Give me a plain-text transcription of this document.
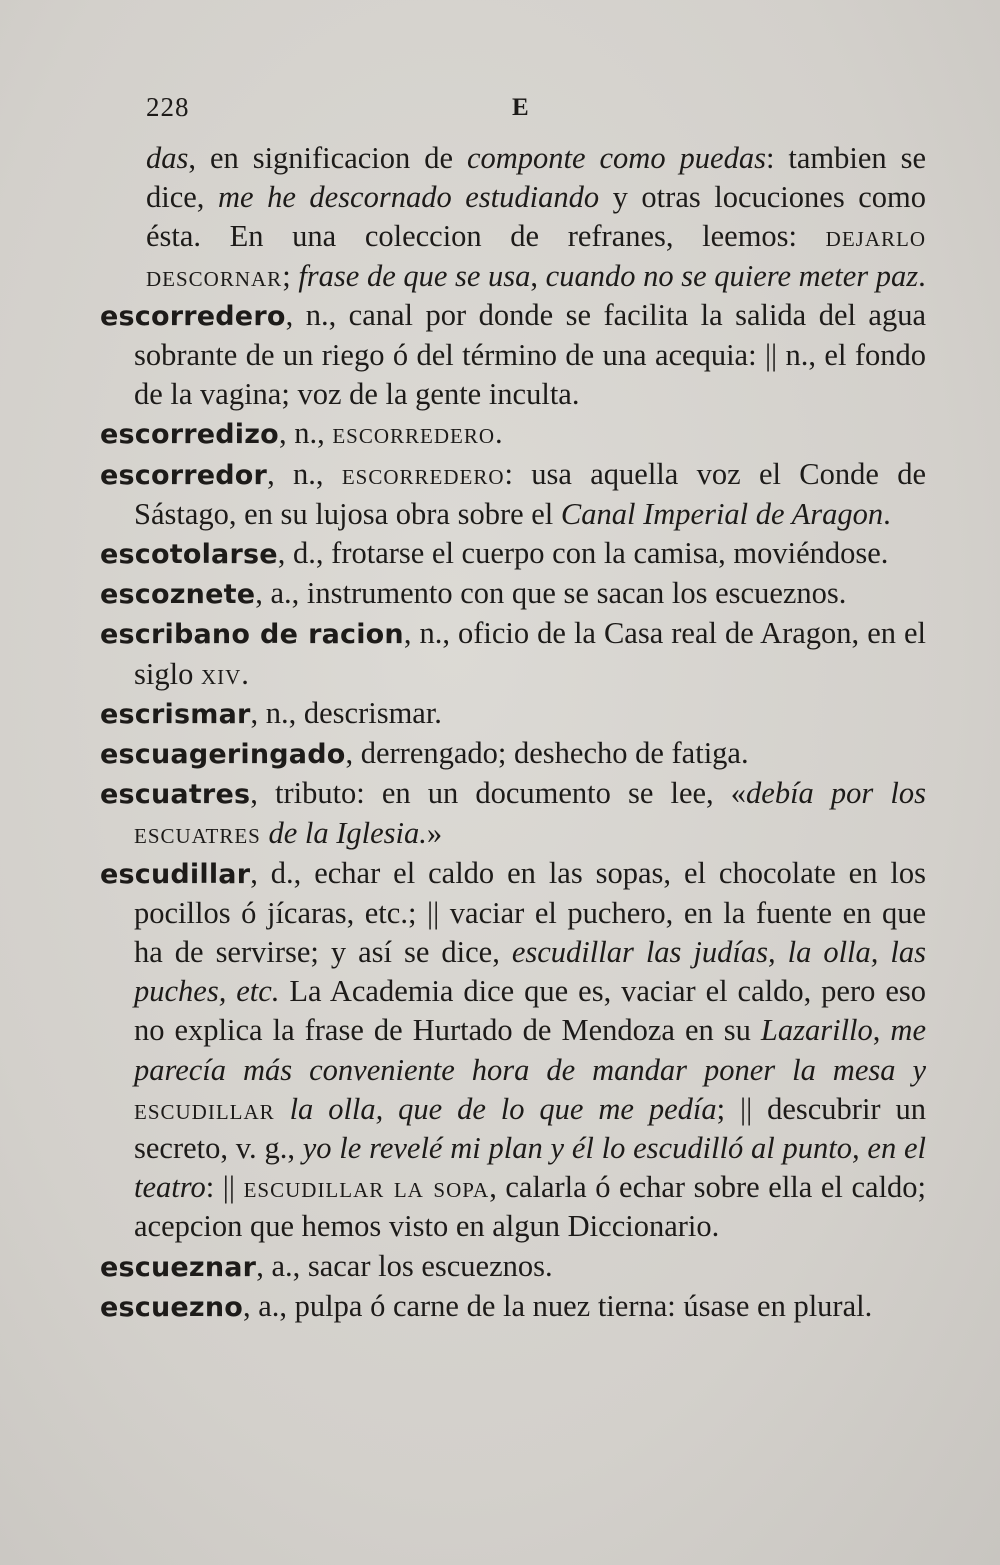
228	E

das, en significacion de componte como puedas: tambien se dice, me he descornado estudiando y otras locuciones como ésta. En una coleccion de refranes, leemos: dejarlo descornar; frase de que se usa, cuando no se quiere meter paz.

escorredero, n., canal por donde se facilita la salida del agua sobrante de un riego ó del término de una acequia: || n., el fondo de la vagina; voz de la gente inculta.

escorredizo, n., escorredero.

escorredor, n., escorredero: usa aquella voz el Conde de Sástago, en su lujosa obra sobre el Canal Imperial de Aragon.

escotolarse, d., frotarse el cuerpo con la camisa, moviéndose.

escoznete, a., instrumento con que se sacan los escueznos.

escribano de racion, n., oficio de la Casa real de Aragon, en el siglo xiv.

escrismar, n., descrismar.

escuageringado, derrengado; deshecho de fatiga.

escuatres, tributo: en un documento se lee, «debía por los escuatres de la Iglesia.»

escudillar, d., echar el caldo en las sopas, el chocolate en los pocillos ó jícaras, etc.; || vaciar el puchero, en la fuente en que ha de servirse; y así se dice, escudillar las judías, la olla, las puches, etc. La Academia dice que es, vaciar el caldo, pero eso no explica la frase de Hurtado de Mendoza en su Lazarillo, me parecía más conveniente hora de mandar poner la mesa y escudillar la olla, que de lo que me pedía; || descubrir un secreto, v. g., yo le revelé mi plan y él lo escudilló al punto, en el teatro: || escudillar la sopa, calarla ó echar sobre ella el caldo; acepcion que hemos visto en algun Diccionario.

escueznar, a., sacar los escueznos.

escuezno, a., pulpa ó carne de la nuez tierna: úsase en plural.
